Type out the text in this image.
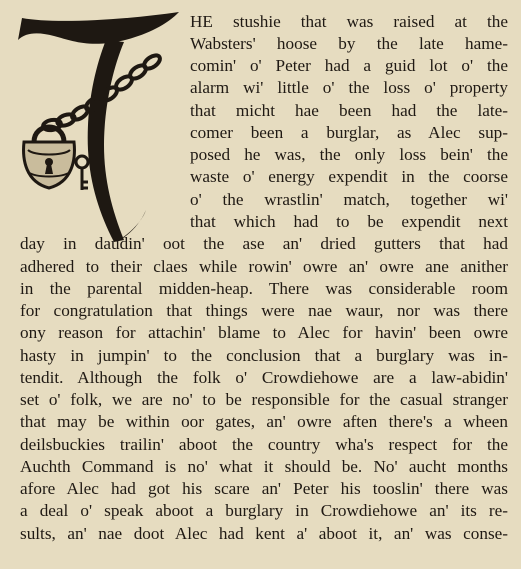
HE stushie that was raised at the
Wabsters' hoose by the late hame-
comin' o' Peter had a guid lot o' the
alarm wi' little o' the loss o' property
that micht hae been had the late-
comer been a burglar, as Alec sup-
posed he was, the only loss bein' the
waste o' energy expendit in the coorse
o' the wrastlin' match, together wi'
that which had to be expendit next
day in daudin' oot the ase an' dried gutters that had
adhered to their claes while rowin' owre an' owre ane anither
in the parental midden-heap. There was considerable room
for congratulation that things were nae waur, nor was there
ony reason for attachin' blame to Alec for havin' been owre
hasty in jumpin' to the conclusion that a burglary was in-
tendit. Although the folk o' Crowdiehowe are a law-abidin'
set o' folk, we are no' to be responsible for the casual stranger
that may be within oor gates, an' owre aften there's a wheen
deilsbuckies trailin' aboot the country wha's respect for the
Auchth Command is no' what it should be. No' aucht months
afore Alec had got his scare an' Peter his tooslin' there was
a deal o' speak aboot a burglary in Crowdiehowe an' its re-
sults, an' nae doot Alec had kent a' aboot it, an' was conse-
